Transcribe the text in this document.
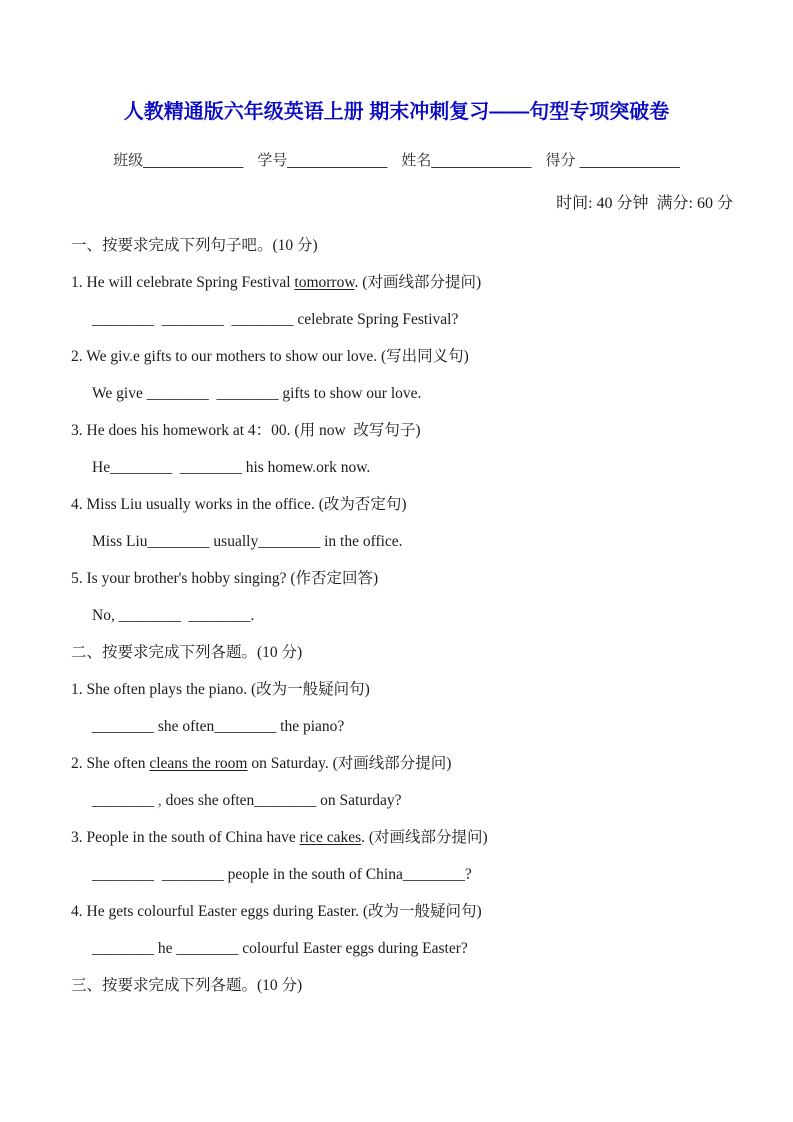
人教精通版六年级英语上册 期末冲刺复习——句型专项突破卷
班级____________ 学号____________ 姓名____________ 得分 ____________
时间: 40 分钟  满分: 60 分
一、按要求完成下列句子吧。(10 分)
1. He will celebrate Spring Festival tomorrow. (对画线部分提问)
________  ________  ________ celebrate Spring Festival?
2. We giv.e gifts to our mothers to show our love. (写出同义句)
We give ________  ________ gifts to show our love.
3. He does his homework at 4：00. (用 now  改写句子)
He________  ________ his homew.ork now.
4. Miss Liu usually works in the office. (改为否定句)
Miss Liu________ usually________ in the office.
5. Is your brother's hobby singing? (作否定回答)
No, ________  ________.
二、按要求完成下列各题。(10 分)
1. She often plays the piano. (改为一般疑问句)
________ she often________ the piano?
2. She often cleans the room on Saturday. (对画线部分提问)
________ , does she often________ on Saturday?
3. People in the south of China have rice cakes. (对画线部分提问)
________  ________ people in the south of China________?
4. He gets colourful Easter eggs during Easter. (改为一般疑问句)
________ he ________ colourful Easter eggs during Easter?
三、按要求完成下列各题。(10 分)
